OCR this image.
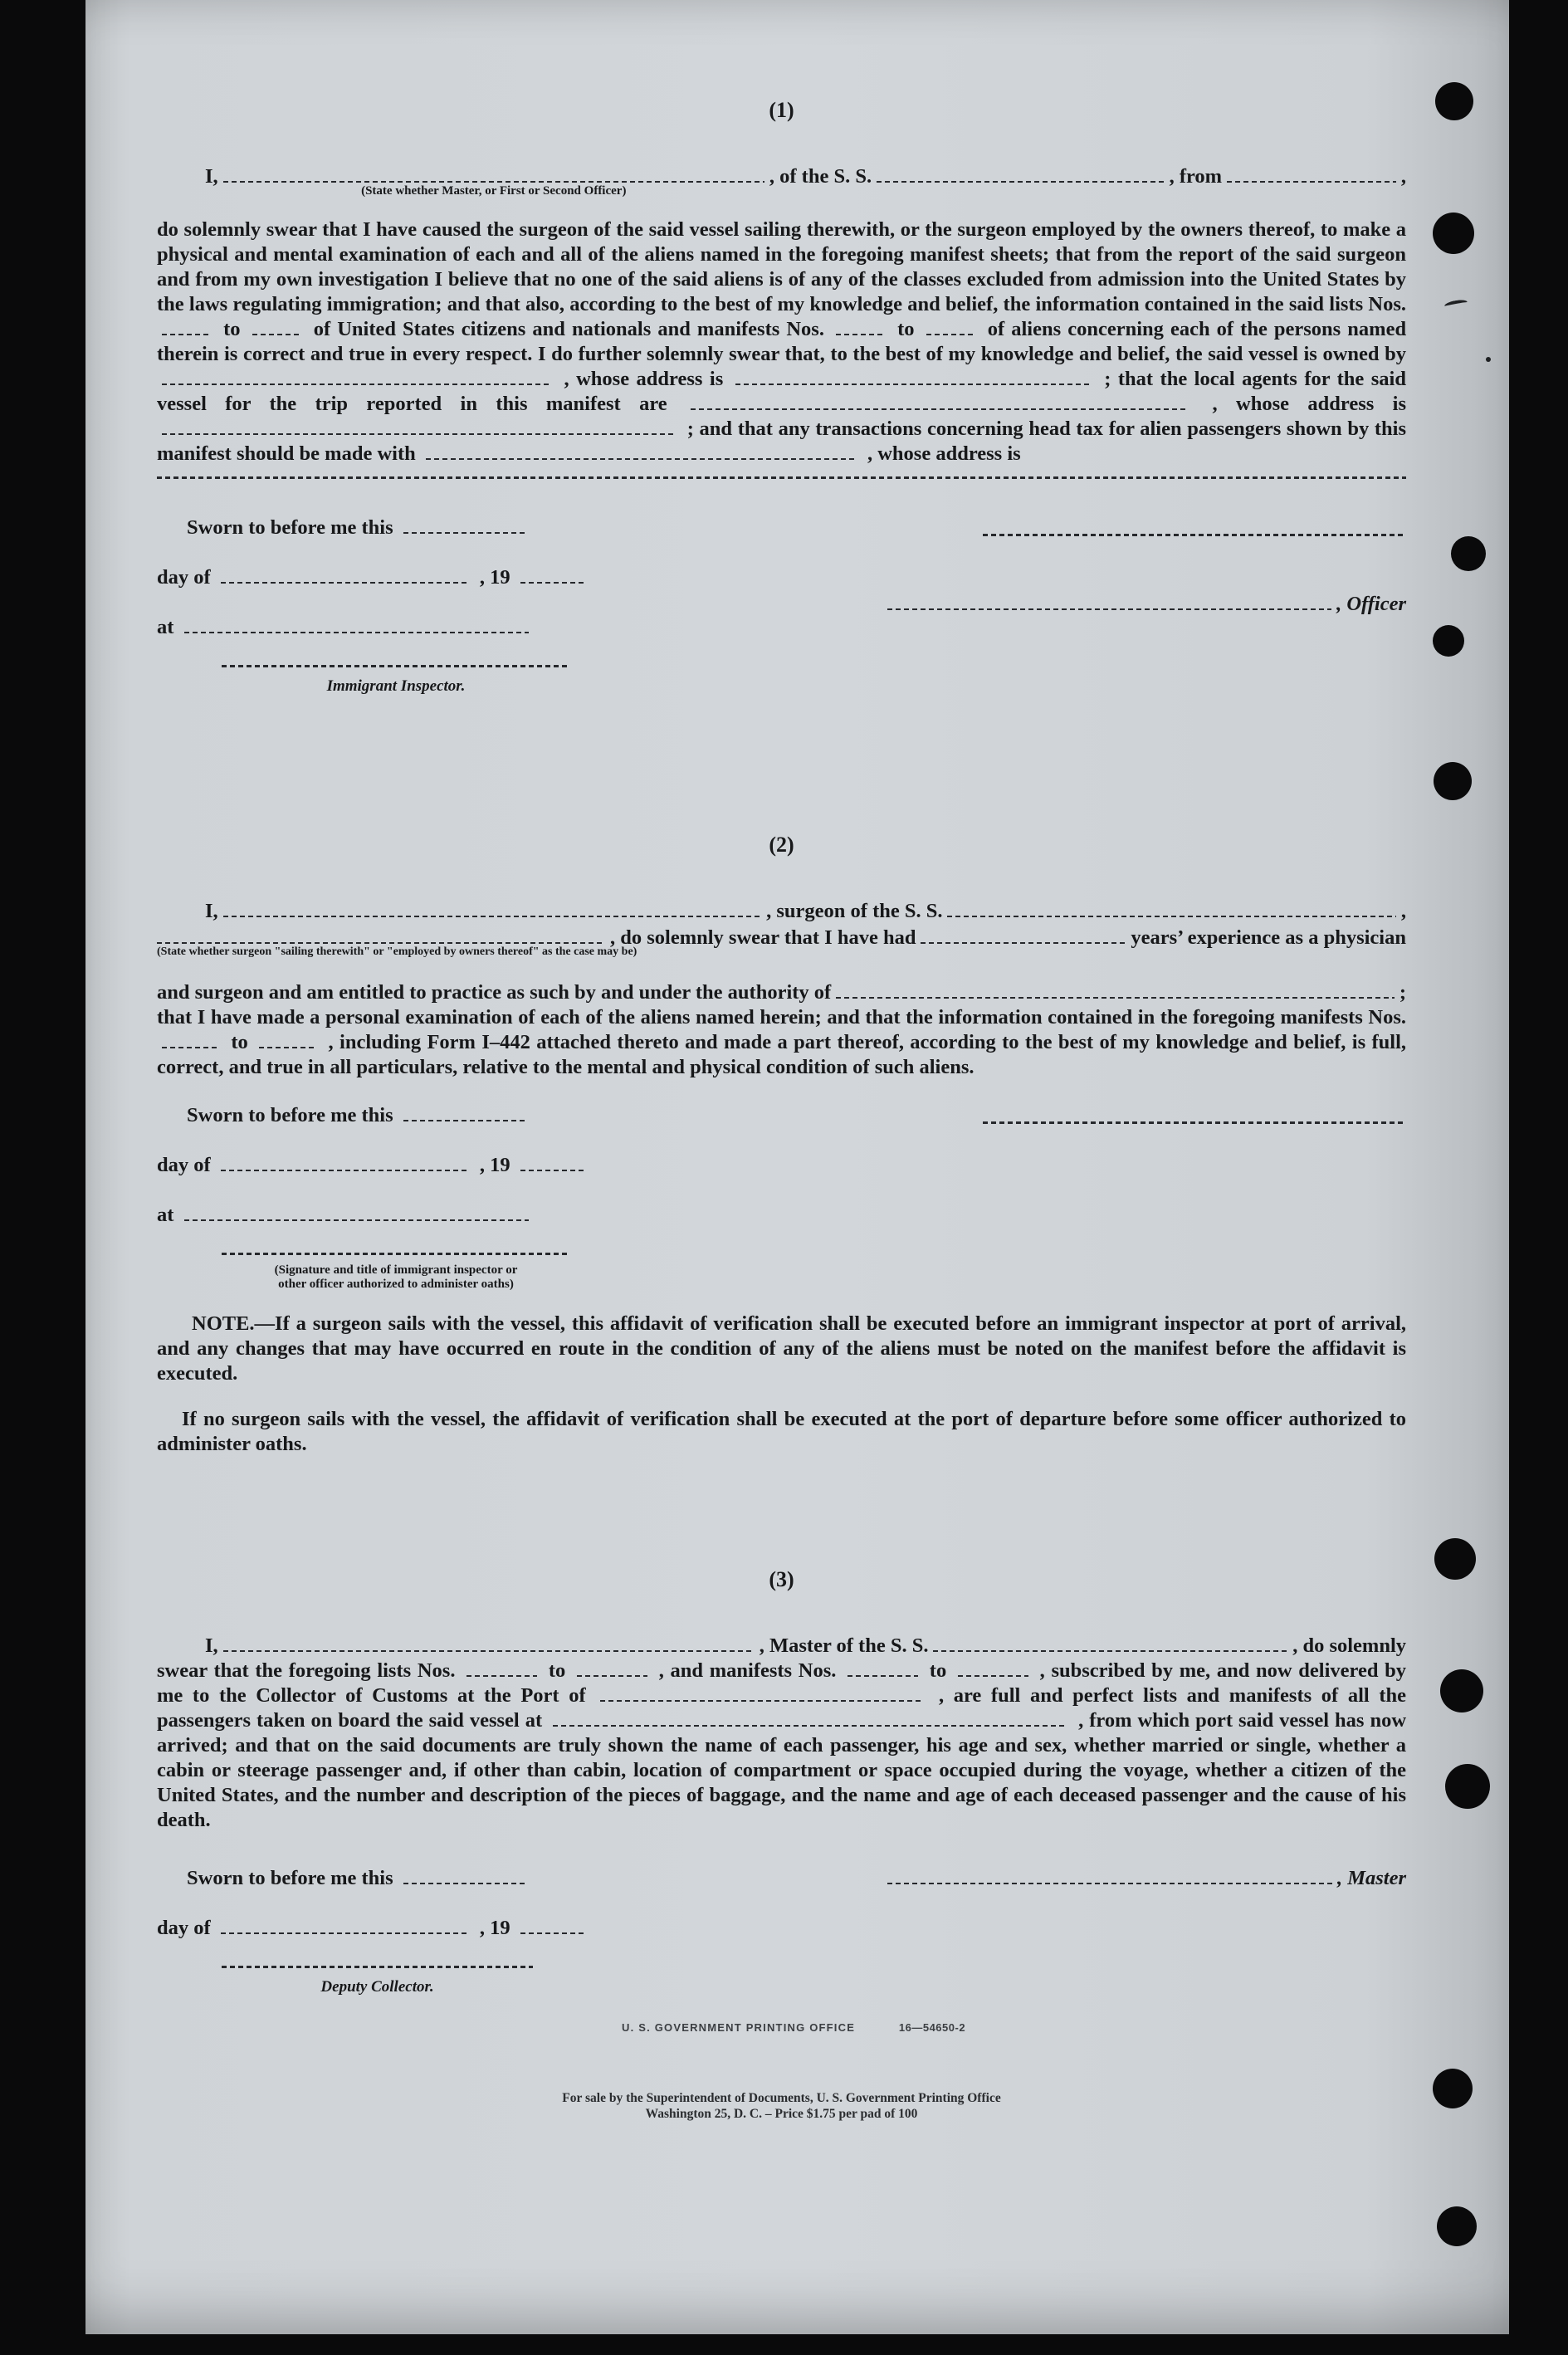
(1)
I,
(State whether Master, or First or Second Officer)
, of the S. S.	, from	,

do solemnly swear that I have caused the surgeon of the said vessel sailing therewith, or the surgeon employed by the owners thereof, to make a physical and mental examination of each and all of the aliens named in the foregoing manifest sheets; that from the report of the said surgeon and from my own investigation I believe that no one of the said aliens is of any of the classes excluded from admission into the United States by the laws regulating immigration; and that also, according to the best of my knowledge and belief, the information contained in the said lists Nos.  to	of United States citizens and nationals and manifests Nos.	to	of aliens concerning each of the persons named therein is correct and true in every respect. I do further solemnly swear that, to the best of my knowledge and belief, the said vessel is owned by  , whose address is	; that the local agents for the said vessel for the trip reported in this manifest are	, whose address is  ; and that any transactions concerning head tax for alien passengers shown by this manifest should be made with	, whose address is

Sworn to before me this
day of	, 19
at
Immigrant Inspector.
, Officer
(2)
I,	, surgeon of the S. S.	,
(State whether surgeon "sailing therewith" or "employed by owners thereof" as the case may be)
, do solemnly swear that I have had	years’ experience as a physician
and surgeon and am entitled to practice as such by and under the authority of	;

that I have made a personal examination of each of the aliens named herein; and that the information contained in the foregoing manifests Nos.  to	, including Form I–442 attached thereto and made a part thereof, according to the best of my knowledge and belief, is full, correct, and true in all particulars, relative to the mental and physical condition of such aliens.

Sworn to before me this
day of	, 19
at
(Signature and title of immigrant inspector or
other officer authorized to administer oaths)

NOTE.—If a surgeon sails with the vessel, this affidavit of verification shall be executed before an immigrant inspector at port of arrival, and any changes that may have occurred en route in the condition of any of the aliens must be noted on the manifest before the affidavit is executed.

If no surgeon sails with the vessel, the affidavit of verification shall be executed at the port of departure before some officer authorized to administer oaths.

(3)
I,	, Master of the S. S.	, do solemnly

swear that the foregoing lists Nos.	to	, and manifests Nos.	to	, subscribed by me, and now delivered by me to the Collector of Customs at the Port of	, are full and perfect lists and manifests of all the passengers taken on board the said vessel at	, from which port said vessel has now arrived; and that on the said documents are truly shown the name of each passenger, his age and sex, whether married or single, whether a cabin or steerage passenger and, if other than cabin, location of compartment or space occupied during the voyage, whether a citizen of the United States, and the number and description of the pieces of baggage, and the name and age of each deceased passenger and the cause of his death.

Sworn to before me this
day of	, 19
Deputy Collector.
, Master
U. S. GOVERNMENT PRINTING OFFICE	16—54650-2
For sale by the Superintendent of Documents, U. S. Government Printing Office
Washington 25, D. C. – Price $1.75 per pad of 100
